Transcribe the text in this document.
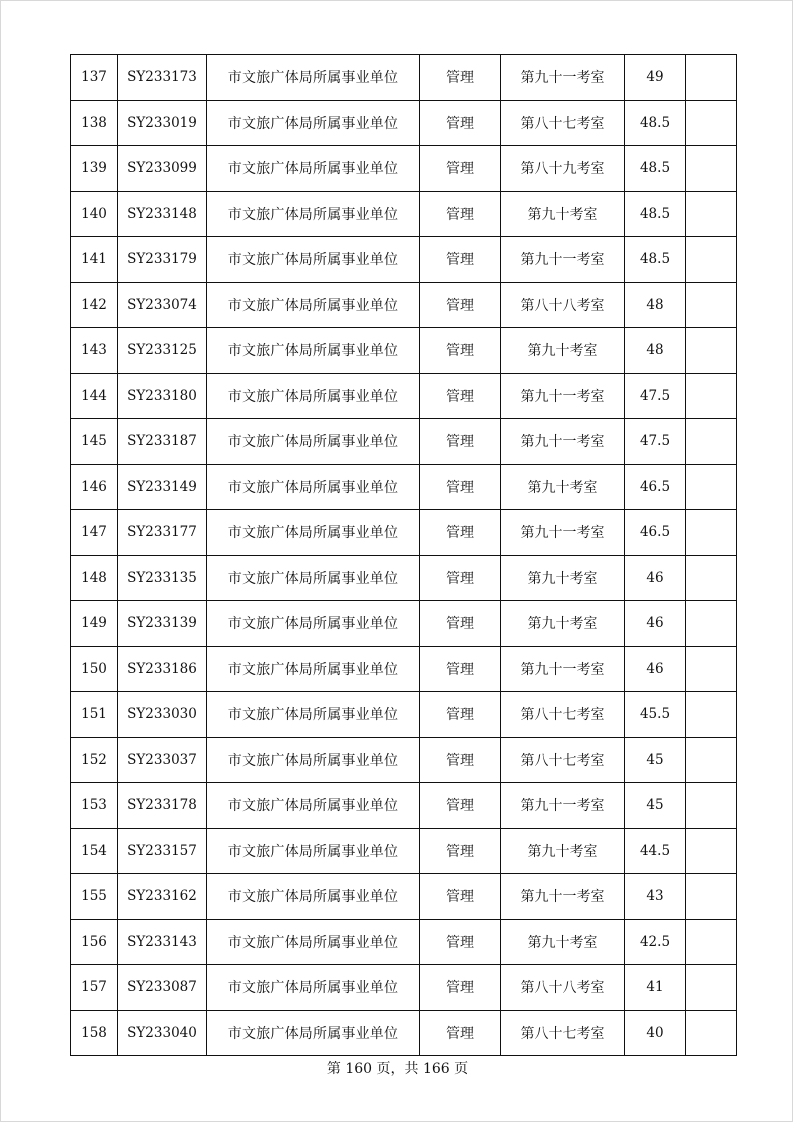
137	SY233173	市文旅广体局所属事业单位	管理	第九十一考室	49	
138	SY233019	市文旅广体局所属事业单位	管理	第八十七考室	48.5	
139	SY233099	市文旅广体局所属事业单位	管理	第八十九考室	48.5	
140	SY233148	市文旅广体局所属事业单位	管理	第九十考室	48.5	
141	SY233179	市文旅广体局所属事业单位	管理	第九十一考室	48.5	
142	SY233074	市文旅广体局所属事业单位	管理	第八十八考室	48	
143	SY233125	市文旅广体局所属事业单位	管理	第九十考室	48	
144	SY233180	市文旅广体局所属事业单位	管理	第九十一考室	47.5	
145	SY233187	市文旅广体局所属事业单位	管理	第九十一考室	47.5	
146	SY233149	市文旅广体局所属事业单位	管理	第九十考室	46.5	
147	SY233177	市文旅广体局所属事业单位	管理	第九十一考室	46.5	
148	SY233135	市文旅广体局所属事业单位	管理	第九十考室	46	
149	SY233139	市文旅广体局所属事业单位	管理	第九十考室	46	
150	SY233186	市文旅广体局所属事业单位	管理	第九十一考室	46	
151	SY233030	市文旅广体局所属事业单位	管理	第八十七考室	45.5	
152	SY233037	市文旅广体局所属事业单位	管理	第八十七考室	45	
153	SY233178	市文旅广体局所属事业单位	管理	第九十一考室	45	
154	SY233157	市文旅广体局所属事业单位	管理	第九十考室	44.5	
155	SY233162	市文旅广体局所属事业单位	管理	第九十一考室	43	
156	SY233143	市文旅广体局所属事业单位	管理	第九十考室	42.5	
157	SY233087	市文旅广体局所属事业单位	管理	第八十八考室	41	
158	SY233040	市文旅广体局所属事业单位	管理	第八十七考室	40	
第 160 页，共 166 页
